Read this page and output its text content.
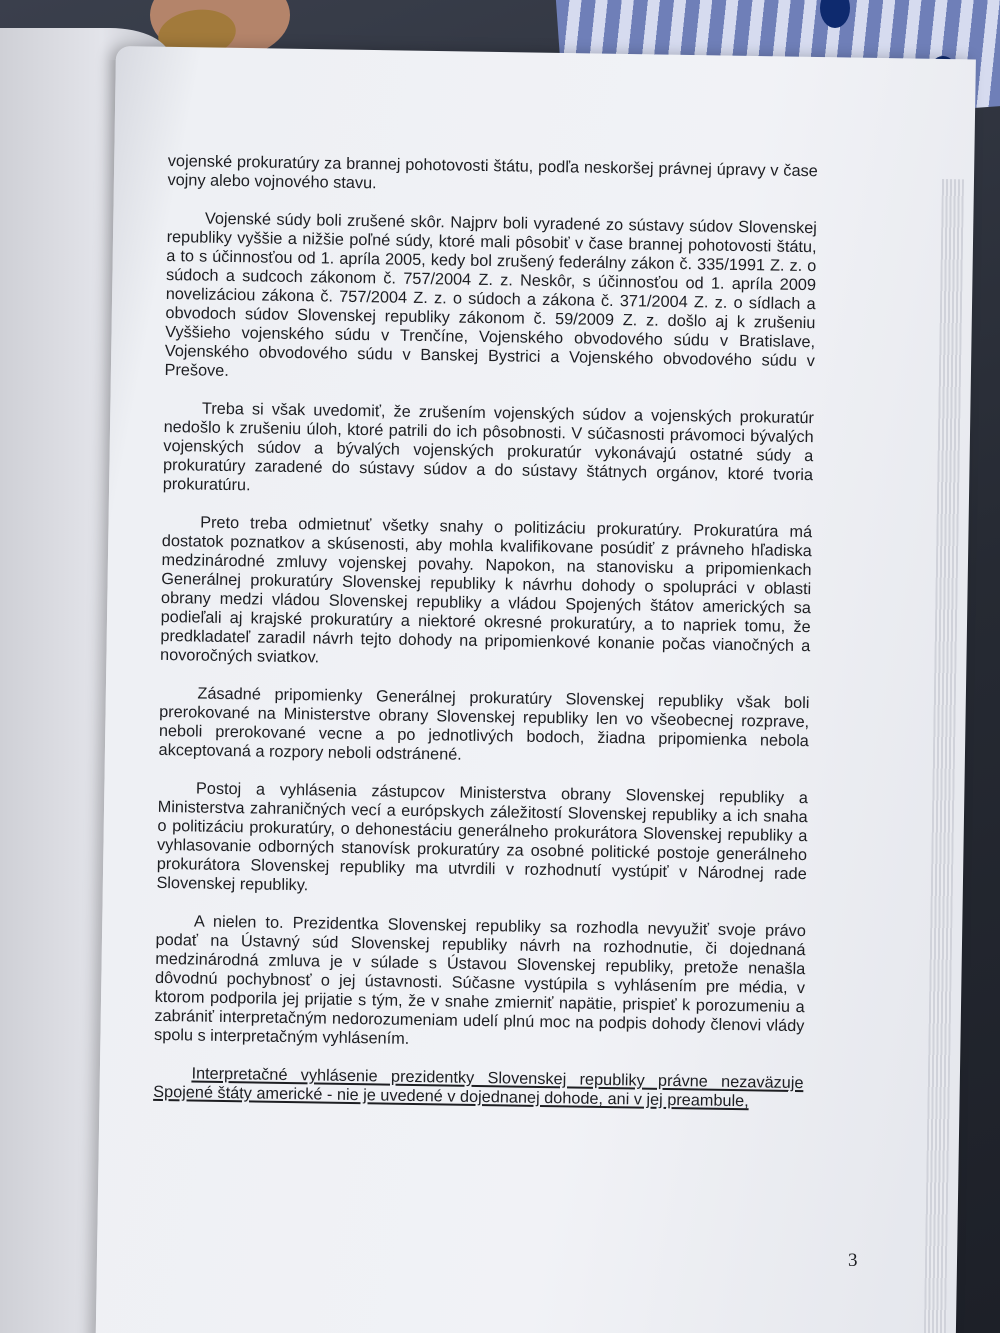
vojenské prokuratúry za brannej pohotovosti štátu, podľa neskoršej právnej úpravy v čase vojny alebo vojnového stavu.

Vojenské súdy boli zrušené skôr. Najprv boli vyradené zo sústavy súdov Slovenskej republiky vyššie a nižšie poľné súdy, ktoré mali pôsobiť v čase brannej pohotovosti štátu, a to s účinnosťou od 1. apríla 2005, kedy bol zrušený federálny zákon č. 335/1991 Z. z. o súdoch a sudcoch zákonom č. 757/2004 Z. z. Neskôr, s účinnosťou od 1. apríla 2009 novelizáciou zákona č. 757/2004 Z. z. o súdoch a zákona č. 371/2004 Z. z. o sídlach a obvodoch súdov Slovenskej republiky zákonom č. 59/2009 Z. z. došlo aj k zrušeniu Vyššieho vojenského súdu v Trenčíne, Vojenského obvodového súdu v Bratislave, Vojenského obvodového súdu v Banskej Bystrici a Vojenského obvodového súdu v Prešove.

Treba si však uvedomiť, že zrušením vojenských súdov a vojenských prokuratúr nedošlo k zrušeniu úloh, ktoré patrili do ich pôsobnosti. V súčasnosti právomoci bývalých vojenských súdov a bývalých vojenských prokuratúr vykonávajú ostatné súdy a prokuratúry zaradené do sústavy súdov a do sústavy štátnych orgánov, ktoré tvoria prokuratúru.

Preto treba odmietnuť všetky snahy o politizáciu prokuratúry. Prokuratúra má dostatok poznatkov a skúsenosti, aby mohla kvalifikovane posúdiť z právneho hľadiska medzinárodné zmluvy vojenskej povahy. Napokon, na stanovisku a pripomienkach Generálnej prokuratúry Slovenskej republiky k návrhu dohody o spolupráci v oblasti obrany medzi vládou Slovenskej republiky a vládou Spojených štátov amerických sa podieľali aj krajské prokuratúry a niektoré okresné prokuratúry, a to napriek tomu, že predkladateľ zaradil návrh tejto dohody na pripomienkové konanie počas vianočných a novoročných sviatkov.

Zásadné pripomienky Generálnej prokuratúry Slovenskej republiky však boli prerokované na Ministerstve obrany Slovenskej republiky len vo všeobecnej rozprave, neboli prerokované vecne a po jednotlivých bodoch, žiadna pripomienka nebola akceptovaná a rozpory neboli odstránené.

Postoj a vyhlásenia zástupcov Ministerstva obrany Slovenskej republiky a Ministerstva zahraničných vecí a európskych záležitostí Slovenskej republiky a ich snaha o politizáciu prokuratúry, o dehonestáciu generálneho prokurátora Slovenskej republiky a vyhlasovanie odborných stanovísk prokuratúry za osobné politické postoje generálneho prokurátora Slovenskej republiky ma utvrdili v rozhodnutí vystúpiť v Národnej rade Slovenskej republiky.

A nielen to. Prezidentka Slovenskej republiky sa rozhodla nevyužiť svoje právo podať na Ústavný súd Slovenskej republiky návrh na rozhodnutie, či dojednaná medzinárodná zmluva je v súlade s Ústavou Slovenskej republiky, pretože nenašla dôvodnú pochybnosť o jej ústavnosti. Súčasne vystúpila s vyhlásením pre média, v ktorom podporila jej prijatie s tým, že v snahe zmierniť napätie, prispieť k porozumeniu a zabrániť interpretačným nedorozumeniam udelí plnú moc na podpis dohody členovi vlády spolu s interpretačným vyhlásením.

Interpretačné vyhlásenie prezidentky Slovenskej republiky právne nezaväzuje Spojené štáty americké - nie je uvedené v dojednanej dohode, ani v jej preambule,

3
